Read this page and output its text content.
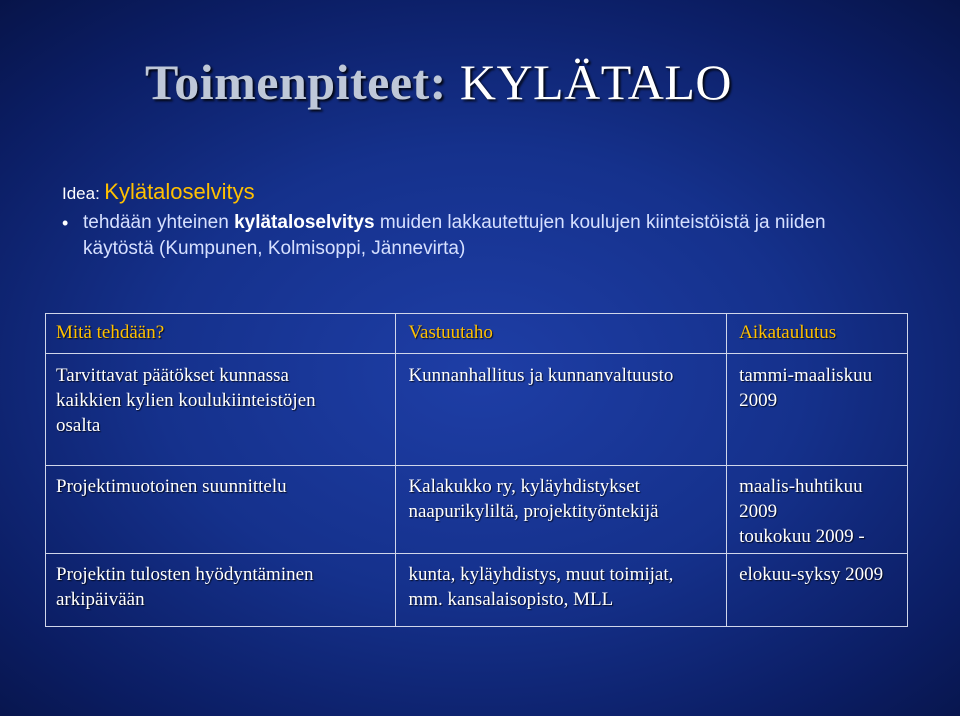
Toimenpiteet: KYLÄTALO
Idea: Kylätaloselvitys
• tehdään yhteinen kylätaloselvitys muiden lakkautettujen koulujen kiinteistöistä ja niiden käytöstä (Kumpunen, Kolmisoppi, Jännevirta)
Mitä tehdään?	Vastuutaho	Aikataulutus

Tarvittavat päätökset kunnassa
kaikkien kylien koulukiinteistöjen
osalta	Kunnanhallitus ja kunnanvaltuusto	tammi-maaliskuu
2009

Projektimuotoinen suunnittelu	Kalakukko ry, kyläyhdistykset
naapurikyliltä, projektityöntekijä	maalis-huhtikuu
2009
toukokuu 2009 -

Projektin tulosten hyödyntäminen
arkipäivään	kunta, kyläyhdistys, muut toimijat,
mm. kansalaisopisto, MLL	elokuu-syksy 2009
